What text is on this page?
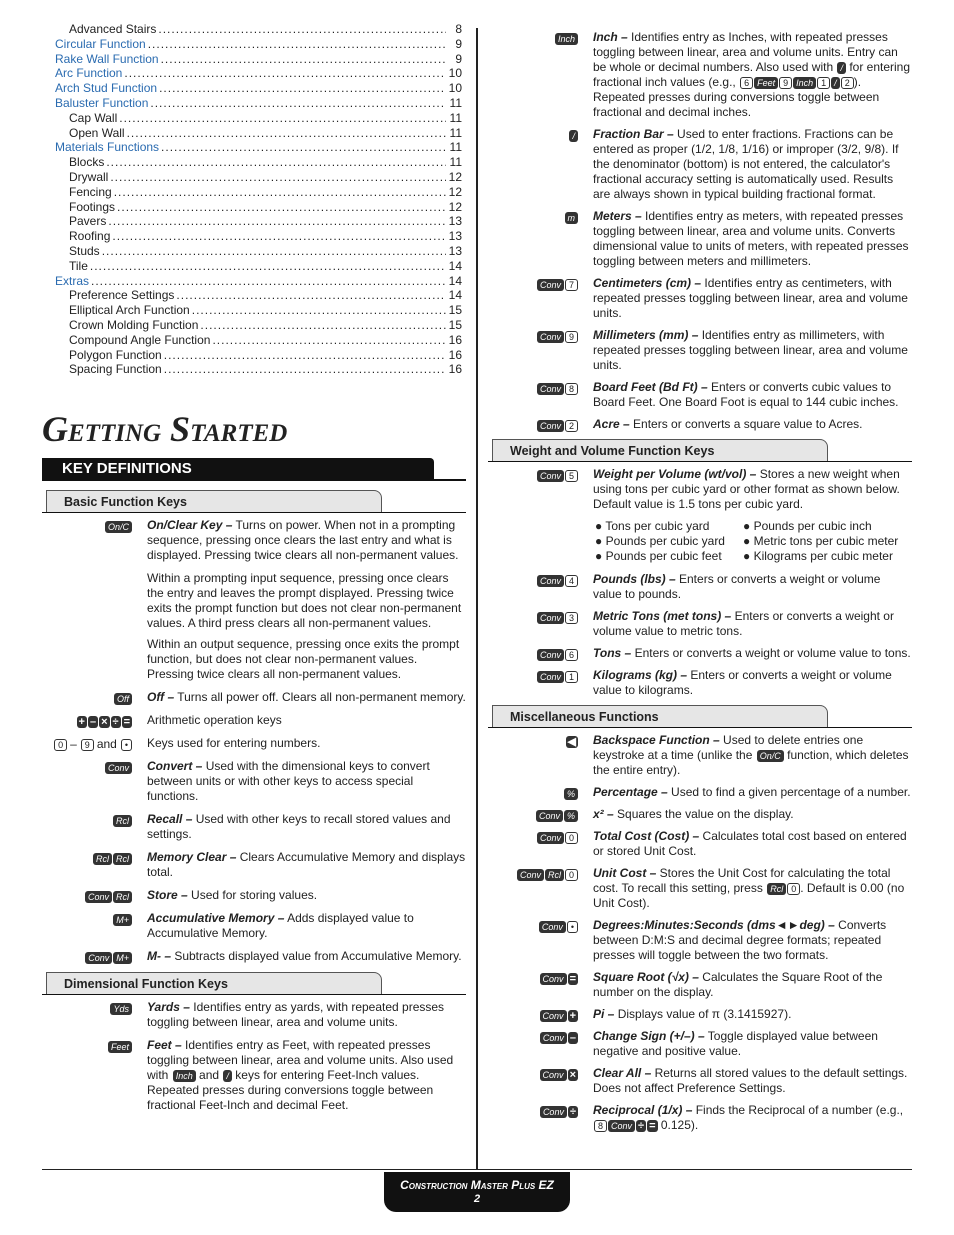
Advanced Stairs .....	8
Circular Function .....	9
Rake Wall Function .....	9
Arc Function .....	10
Arch Stud Function .....	10
Baluster Function .....	11
Cap Wall .....	11
Open Wall .....	11
Materials Functions .....	11
Blocks .....	11
Drywall .....	12
Fencing .....	12
Footings .....	12
Pavers .....	13
Roofing .....	13
Studs .....	13
Tile .....	14
Extras .....	14
Preference Settings .....	14
Elliptical Arch Function .....	15
Crown Molding Function .....	15
Compound Angle Function .....	16
Polygon Function .....	16
Spacing Function .....	16
Getting Started
KEY DEFINITIONS
Basic Function Keys
On/C	On/Clear Key – Turns on power. When not in a prompting sequence, pressing once clears the last entry and what is displayed. Pressing twice clears all non-permanent values.
Within a prompting input sequence, pressing once clears the entry and leaves the prompt displayed. Pressing twice exits the prompt function but does not clear non-permanent values. A third press clears all non-permanent values.
Within an output sequence, pressing once exits the prompt function, but does not clear non-permanent values. Pressing twice clears all non-permanent values.
Off	Off – Turns all power off. Clears all non-permanent memory.
+ – × ÷ =	Arithmetic operation keys
0 – 9 and •	Keys used for entering numbers.
Conv	Convert – Used with the dimensional keys to convert between units or with other keys to access special functions.
Rcl	Recall – Used with other keys to recall stored values and settings.
Rcl Rcl	Memory Clear – Clears Accumulative Memory and displays total.
Conv Rcl	Store – Used for storing values.
M+	Accumulative Memory – Adds displayed value to Accumulative Memory.
Conv M+	M- – Subtracts displayed value from Accumulative Memory.
Dimensional Function Keys
Yds	Yards – Identifies entry as yards, with repeated presses toggling between linear, area and volume units.
Feet	Feet – Identifies entry as Feet, with repeated presses toggling between linear, area and volume units. Also used with Inch and / keys for entering Feet-Inch values. Repeated presses during conversions toggle between fractional Feet-Inch and decimal Feet.
Inch	Inch – Identifies entry as Inches, with repeated presses toggling between linear, area and volume units. Entry can be whole or decimal numbers. Also used with / for entering fractional inch values (e.g., 6 Feet 9 Inch 1 / 2 ). Repeated presses during conversions toggle between fractional and decimal inches.
/	Fraction Bar – Used to enter fractions. Fractions can be entered as proper (1/2, 1/8, 1/16) or improper (3/2, 9/8). If the denominator (bottom) is not entered, the calculator's fractional accuracy setting is automatically used. Results are always shown in typical building fractional format.
m	Meters – Identifies entry as meters, with repeated presses toggling between linear, area and volume units. Converts dimensional value to units of meters, with repeated presses toggling between meters and millimeters.
Conv 7	Centimeters (cm) – Identifies entry as centimeters, with repeated presses toggling between linear, area and volume units.
Conv 9	Millimeters (mm) – Identifies entry as millimeters, with repeated presses toggling between linear, area and volume units.
Conv 8	Board Feet (Bd Ft) – Enters or converts cubic values to Board Feet. One Board Foot is equal to 144 cubic inches.
Conv 2	Acre – Enters or converts a square value to Acres.
Weight and Volume Function Keys
Conv 5	Weight per Volume (wt/vol) – Stores a new weight when using tons per cubic yard or other format as shown below. Default value is 1.5 tons per cubic yard.
● Tons per cubic yard	● Pounds per cubic inch
● Pounds per cubic yard	● Metric tons per cubic meter
● Pounds per cubic feet	● Kilograms per cubic meter
Conv 4	Pounds (lbs) – Enters or converts a weight or volume value to pounds.
Conv 3	Metric Tons (met tons) – Enters or converts a weight or volume value to metric tons.
Conv 6	Tons – Enters or converts a weight or volume value to tons.
Conv 1	Kilograms (kg) – Enters or converts a weight or volume value to kilograms.
Miscellaneous Functions
◀	Backspace Function – Used to delete entries one keystroke at a time (unlike the On/C function, which deletes the entire entry).
%	Percentage – Used to find a given percentage of a number.
Conv %	x² – Squares the value on the display.
Conv 0	Total Cost (Cost) – Calculates total cost based on entered or stored Unit Cost.
Conv Rcl 0	Unit Cost – Stores the Unit Cost for calculating the total cost. To recall this setting, press Rcl 0 . Default is 0.00 (no Unit Cost).
Conv •	Degrees:Minutes:Seconds (dms◄►deg) – Converts between D:M:S and decimal degree formats; repeated presses will toggle between the two formats.
Conv =	Square Root (√x) – Calculates the Square Root of the number on the display.
Conv +	Pi – Displays value of π (3.1415927).
Conv –	Change Sign (+/–) – Toggle displayed value between negative and positive value.
Conv ×	Clear All – Returns all stored values to the default settings. Does not affect Preference Settings.
Conv ÷	Reciprocal (1/x) – Finds the Reciprocal of a number (e.g., 8 Conv ÷ = 0.125).
Construction Master Plus EZ
2
